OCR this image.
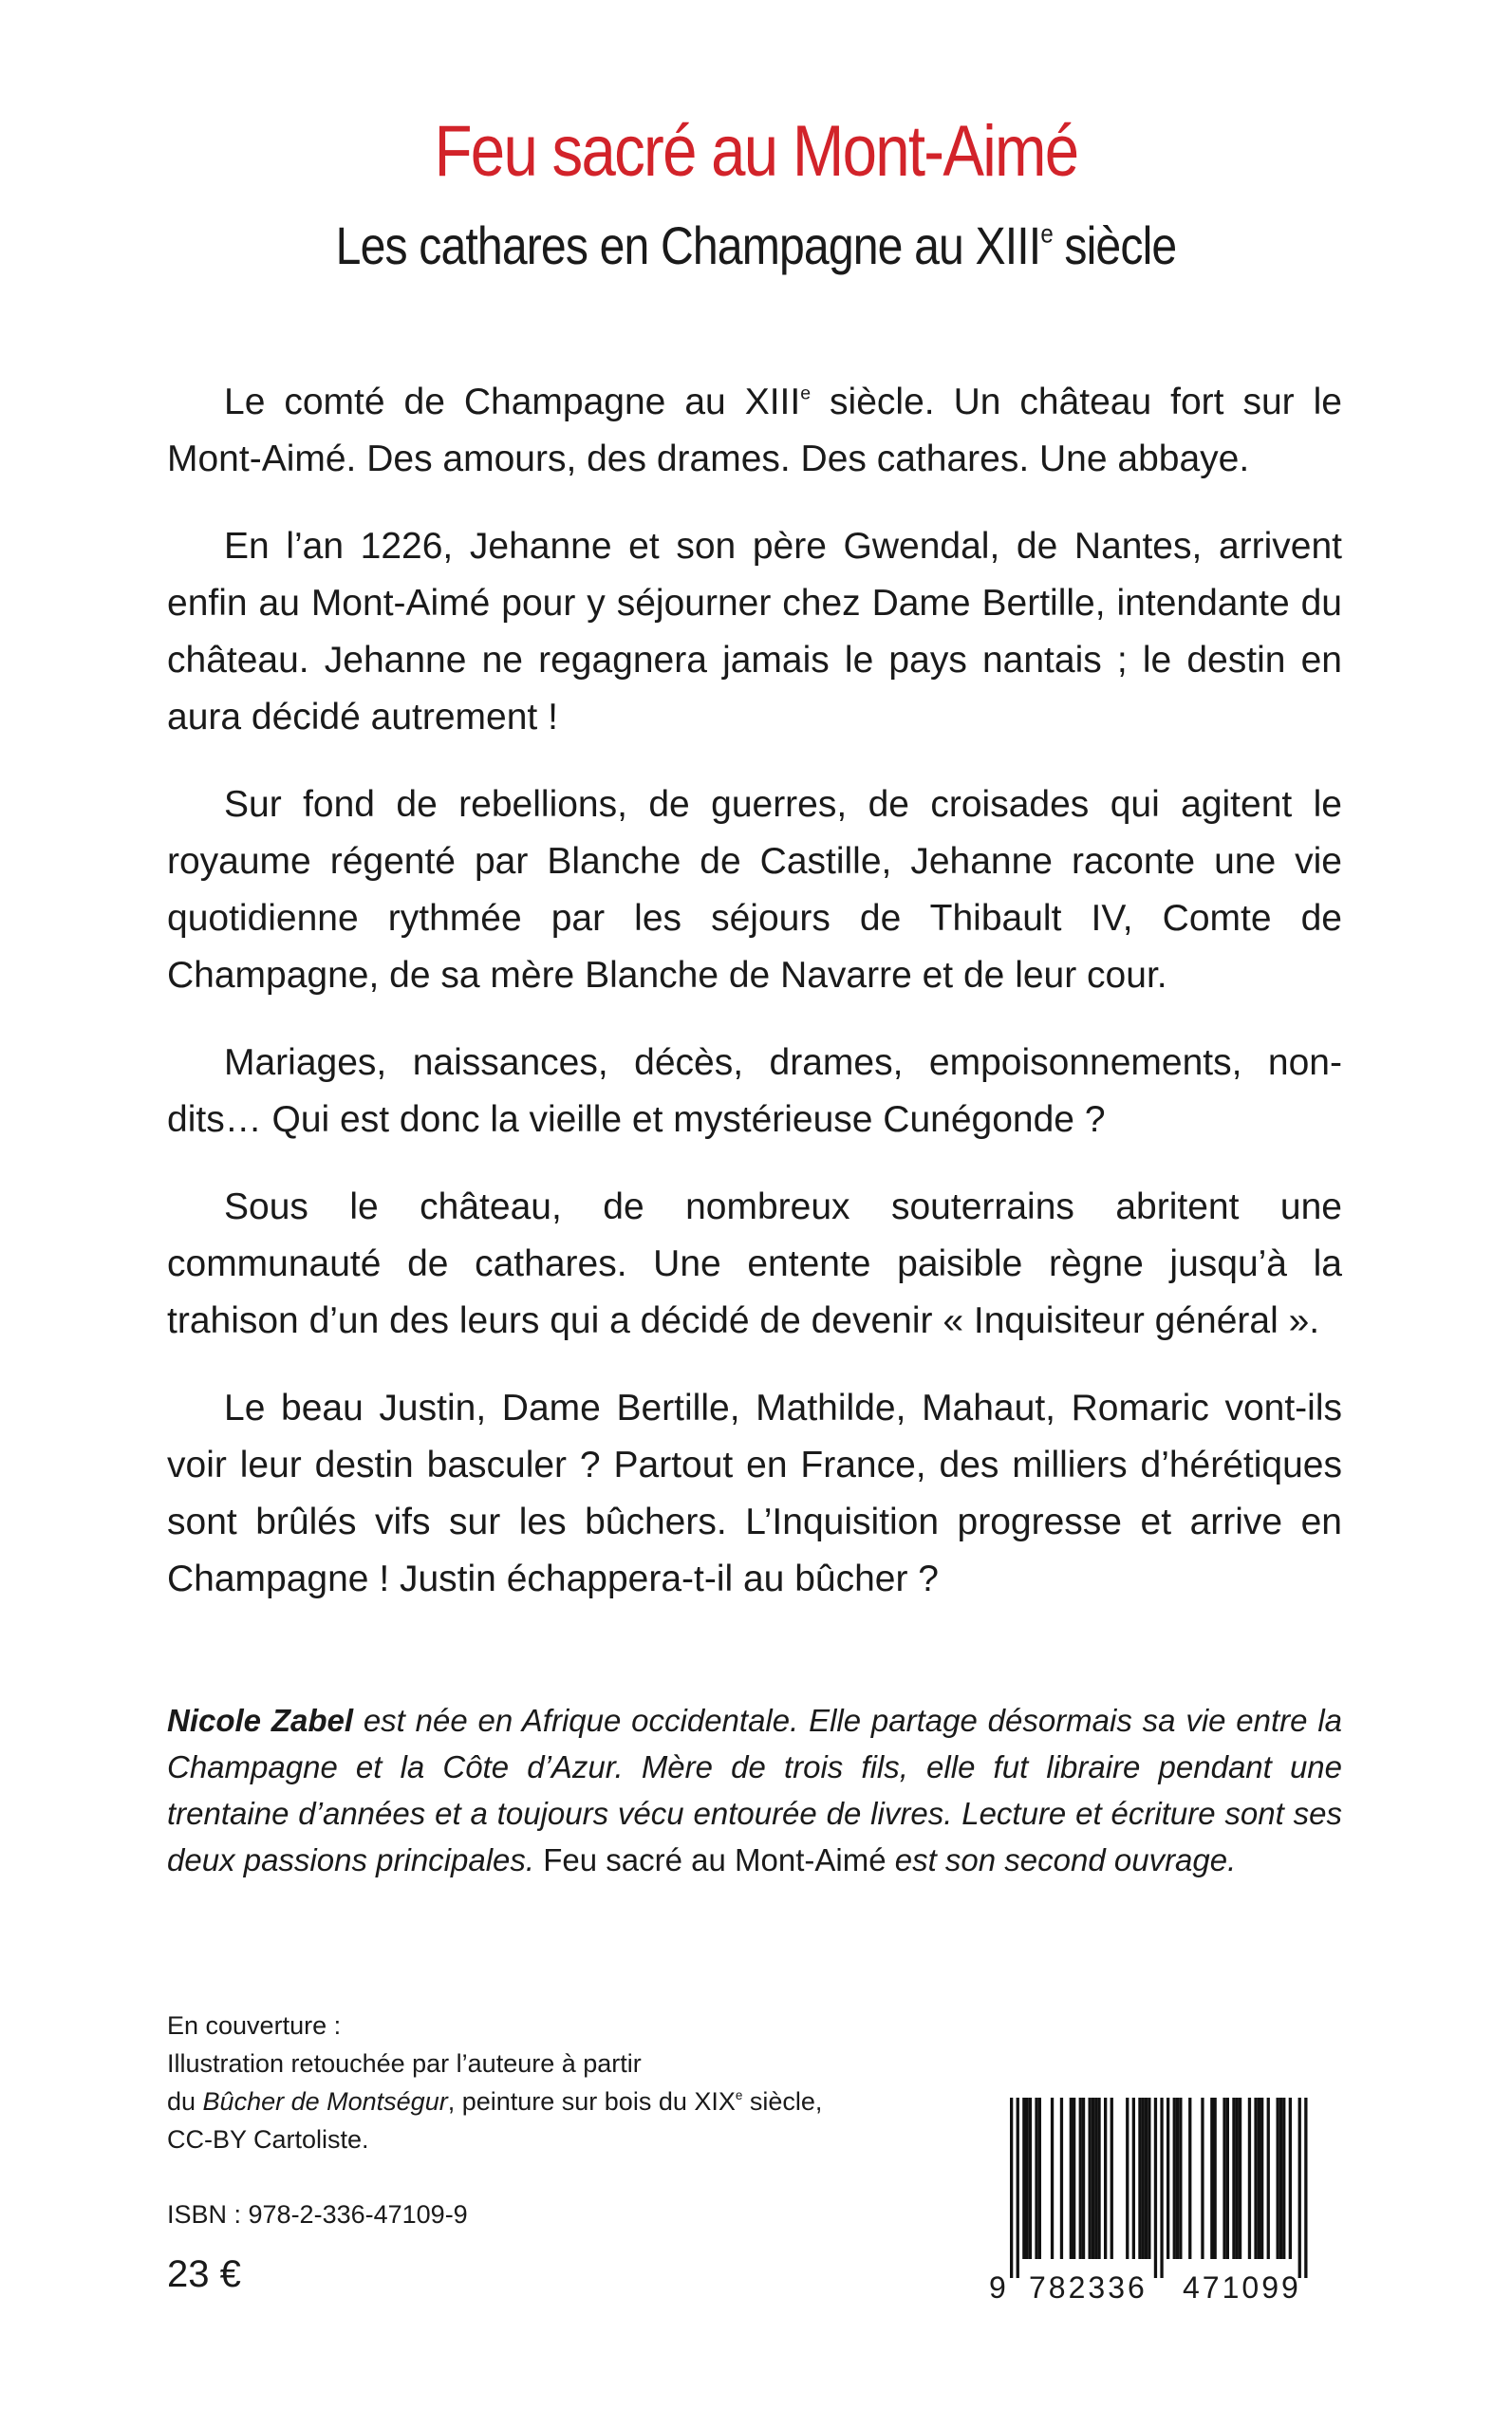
Feu sacré au Mont-Aimé
Les cathares en Champagne au XIIIe siècle

Le comté de Champagne au XIIIe siècle. Un château fort sur le Mont-Aimé. Des amours, des drames. Des cathares. Une abbaye.

En l’an 1226, Jehanne et son père Gwendal, de Nantes, arrivent enfin au Mont-Aimé pour y séjourner chez Dame Bertille, intendante du château. Jehanne ne regagnera jamais le pays nantais ; le destin en aura décidé autrement !

Sur fond de rebellions, de guerres, de croisades qui agitent le royaume régenté par Blanche de Castille, Jehanne raconte une vie quotidienne rythmée par les séjours de Thibault IV, Comte de Champagne, de sa mère Blanche de Navarre et de leur cour.

Mariages, naissances, décès, drames, empoisonnements, non-dits… Qui est donc la vieille et mystérieuse Cunégonde ?

Sous le château, de nombreux souterrains abritent une communauté de cathares. Une entente paisible règne jusqu’à la trahison d’un des leurs qui a décidé de devenir « Inquisiteur général ».

Le beau Justin, Dame Bertille, Mathilde, Mahaut, Romaric vont-ils voir leur destin basculer ? Partout en France, des milliers d’hérétiques sont brûlés vifs sur les bûchers. L’Inquisition progresse et arrive en Champagne ! Justin échappera-t-il au bûcher ?

Nicole Zabel est née en Afrique occidentale. Elle partage désormais sa vie entre la Champagne et la Côte d’Azur. Mère de trois fils, elle fut libraire pendant une trentaine d’années et a toujours vécu entourée de livres. Lecture et écriture sont ses deux passions principales. Feu sacré au Mont-Aimé est son second ouvrage.
En couverture :
Illustration retouchée par l’auteure à partir
du Bûcher de Montségur, peinture sur bois du XIXe siècle,
CC-BY Cartoliste.
ISBN : 978-2-336-47109-9
23 €	9 782336 471099
